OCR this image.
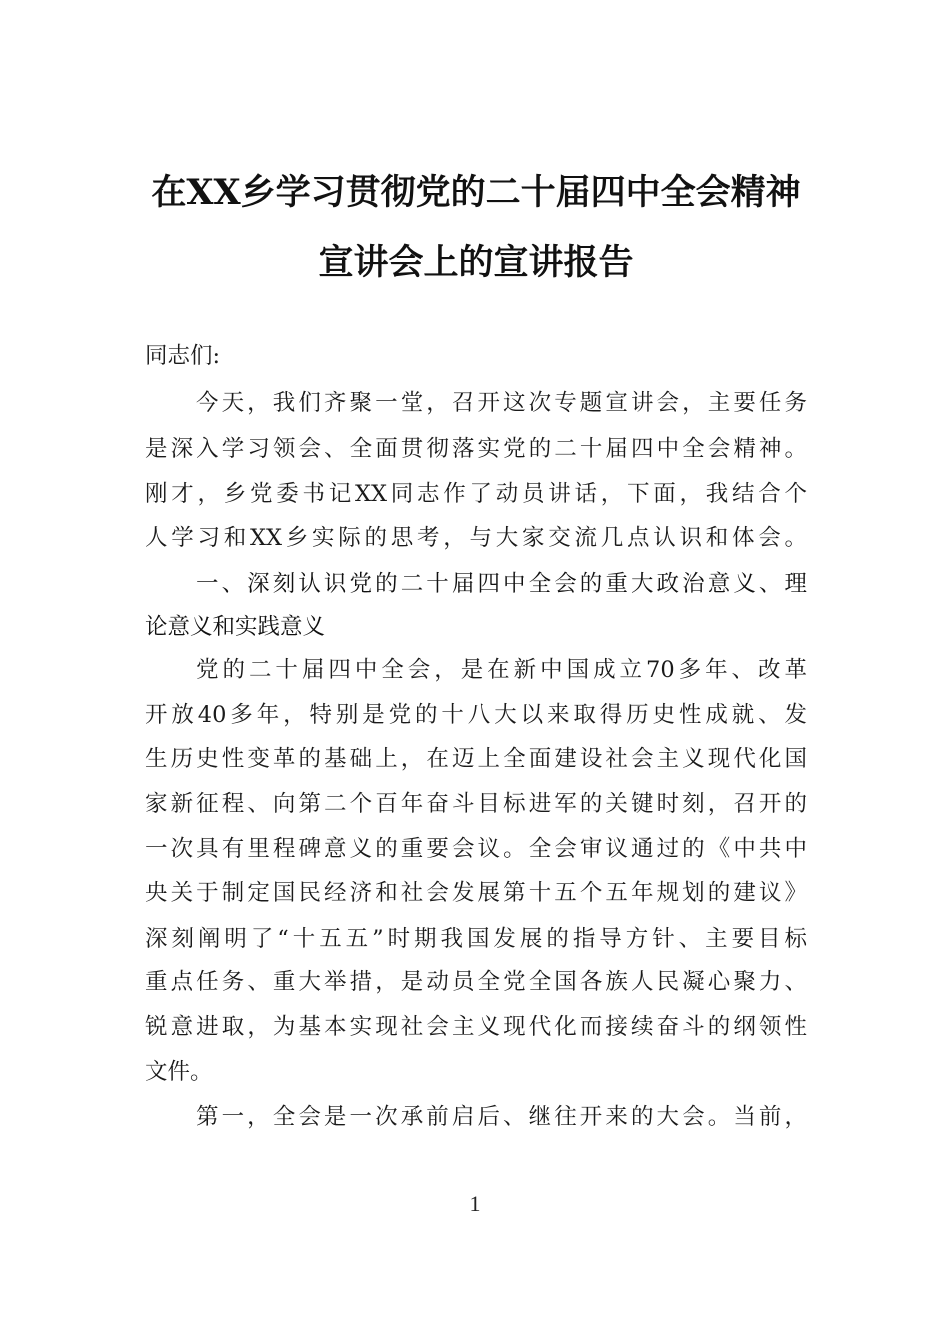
在XX乡学习贯彻党的二十届四中全会精神
宣讲会上的宣讲报告
同志们:
今天，我们齐聚一堂，召开这次专题宣讲会，主要任务
是深入学习领会、全面贯彻落实党的二十届四中全会精神。
刚才，乡党委书记XX同志作了动员讲话，下面，我结合个
人学习和XX乡实际的思考，与大家交流几点认识和体会。
一、深刻认识党的二十届四中全会的重大政治意义、理
论意义和实践意义
党的二十届四中全会，是在新中国成立70多年、改革
开放40多年，特别是党的十八大以来取得历史性成就、发
生历史性变革的基础上，在迈上全面建设社会主义现代化国
家新征程、向第二个百年奋斗目标进军的关键时刻，召开的
一次具有里程碑意义的重要会议。全会审议通过的《中共中
央关于制定国民经济和社会发展第十五个五年规划的建议》
深刻阐明了“十五五”时期我国发展的指导方针、主要目标
重点任务、重大举措，是动员全党全国各族人民凝心聚力、
锐意进取，为基本实现社会主义现代化而接续奋斗的纲领性
文件。
第一，全会是一次承前启后、继往开来的大会。当前，
1
